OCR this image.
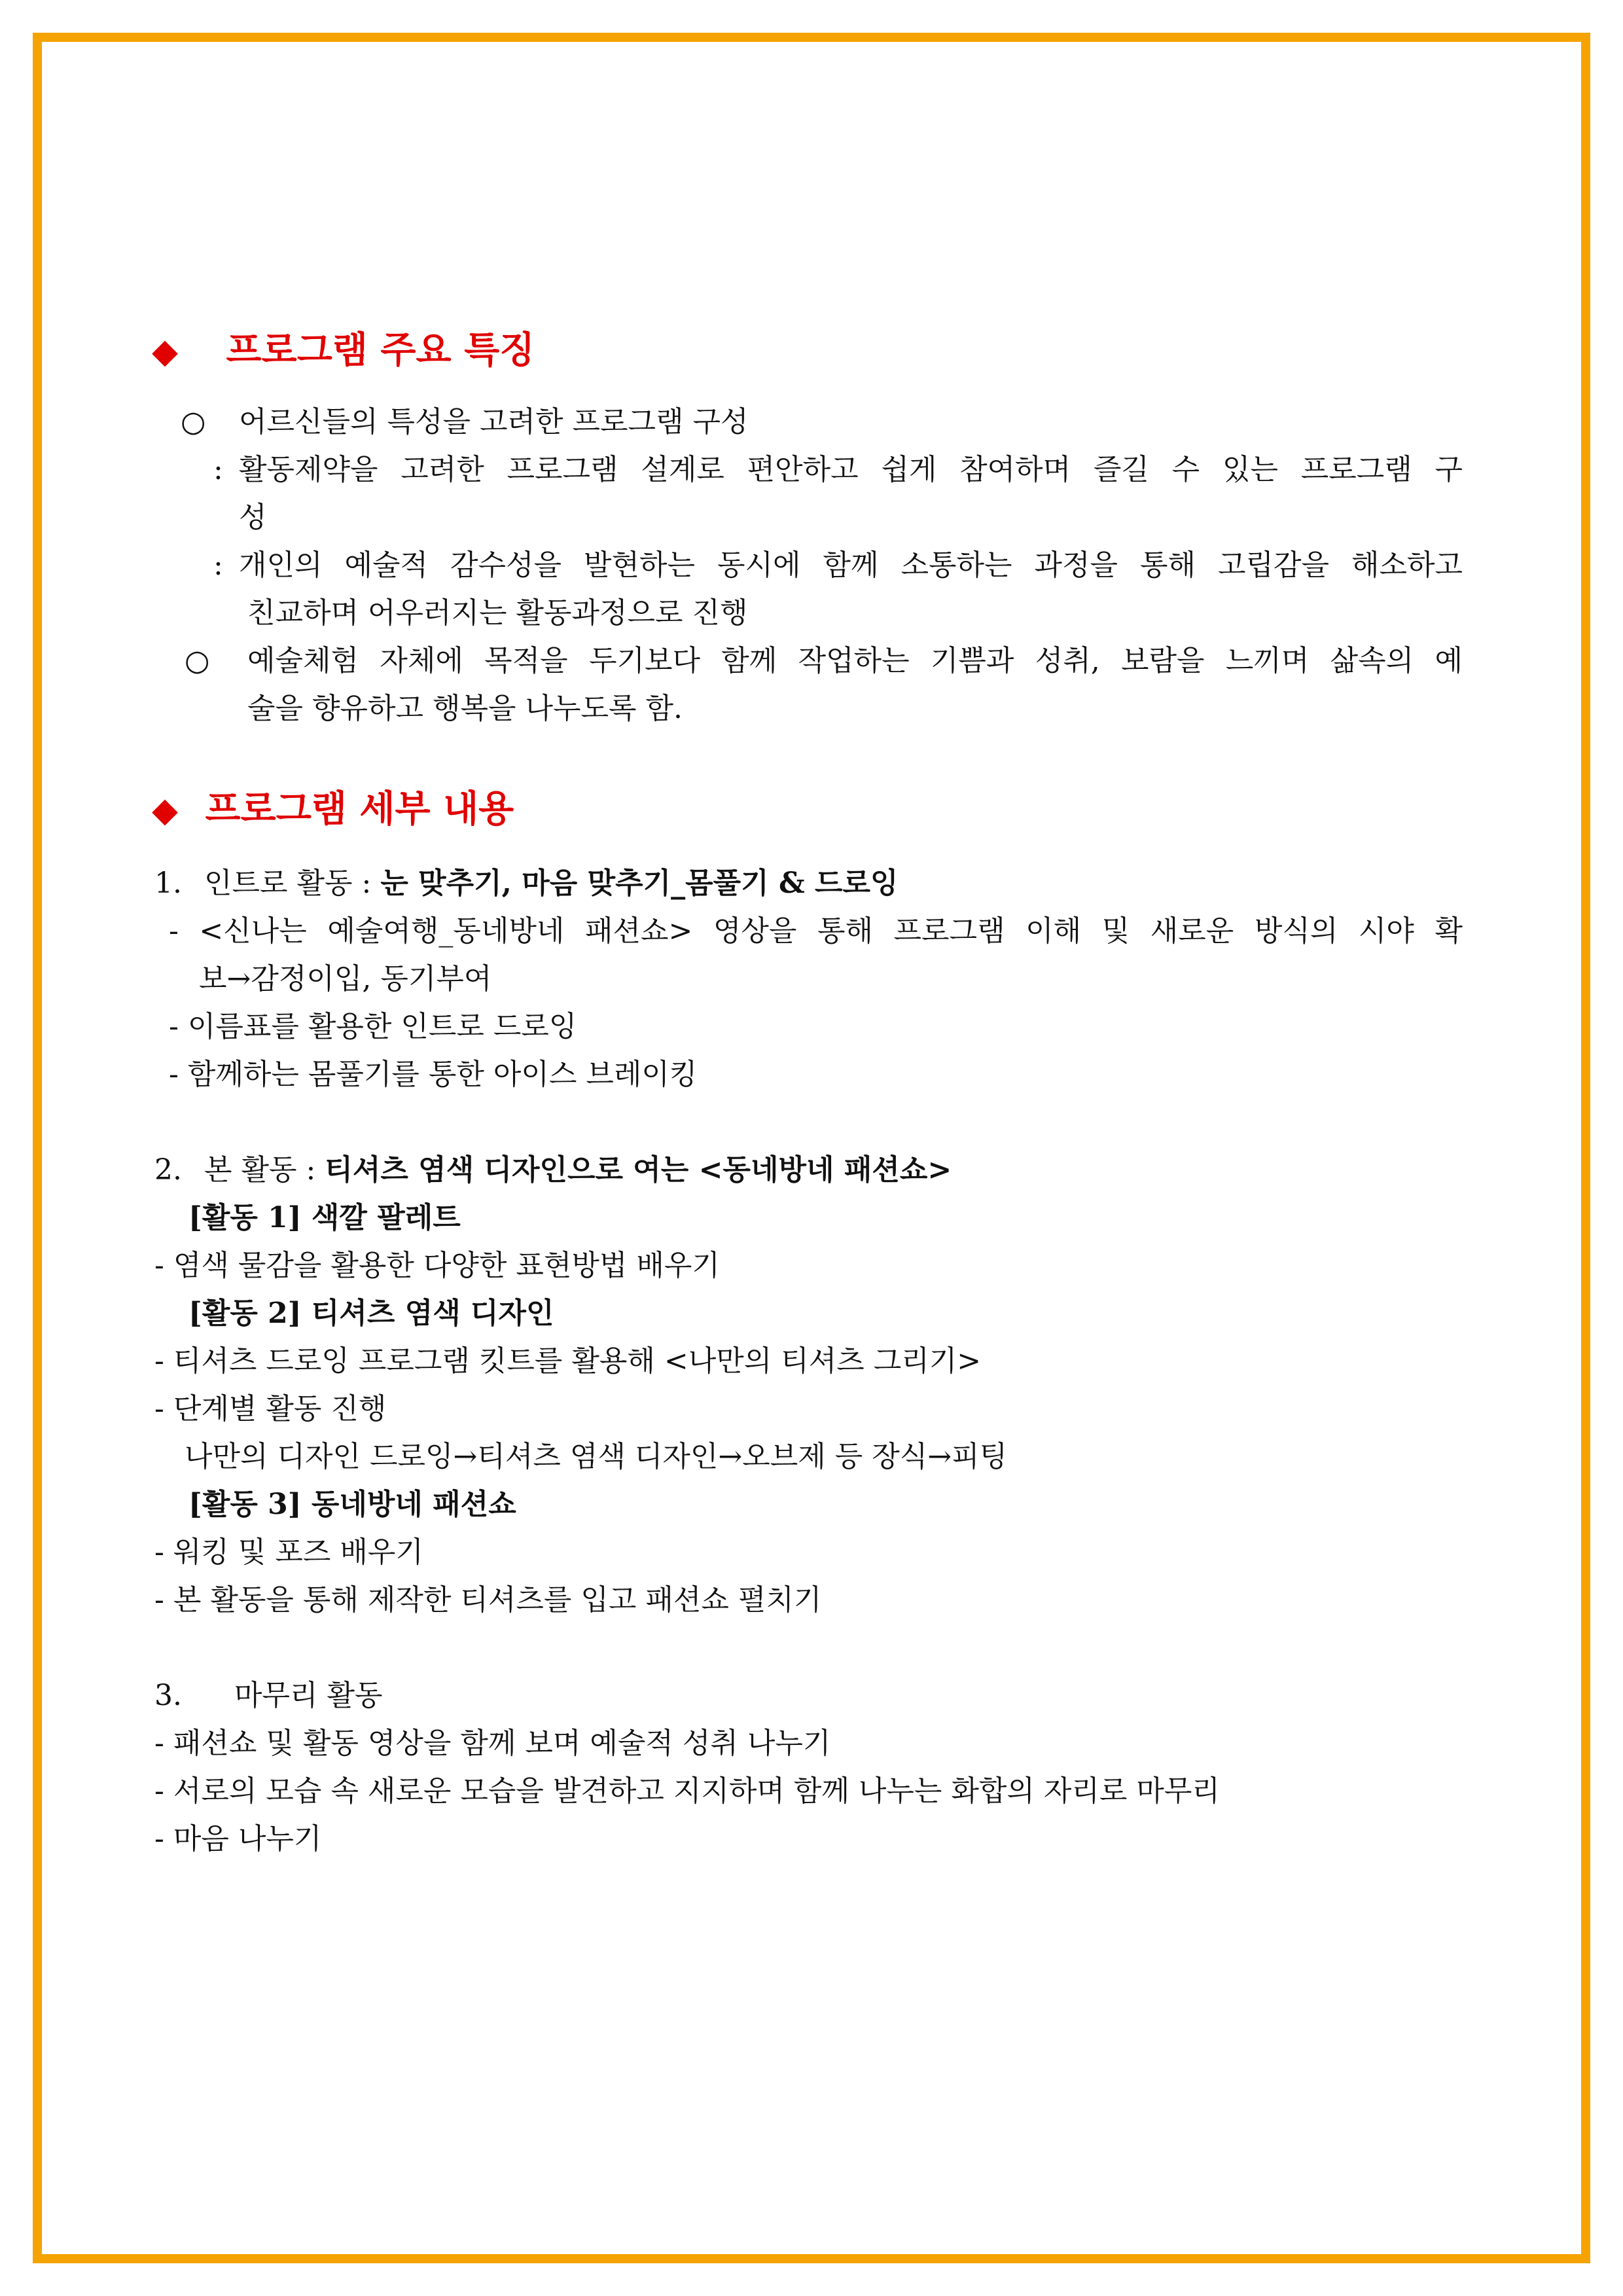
◆ 프로그램 주요 특징
○ 어르신들의 특성을 고려한 프로그램 구성
: 활동제약을 고려한 프로그램 설계로 편안하고 쉽게 참여하며 즐길 수 있는 프로그램 구
성
: 개인의 예술적 감수성을 발현하는 동시에 함께 소통하는 과정을 통해 고립감을 해소하고
친교하며 어우러지는 활동과정으로 진행
○ 예술체험 자체에 목적을 두기보다 함께 작업하는 기쁨과 성취, 보람을 느끼며 삶속의 예
술을 향유하고 행복을 나누도록 함.
◆ 프로그램 세부 내용
1. 인트로 활동 : 눈 맞추기, 마음 맞추기_몸풀기 & 드로잉
- <신나는 예술여행_동네방네 패션쇼> 영상을 통해 프로그램 이해 및 새로운 방식의 시야 확
보→감정이입, 동기부여
- 이름표를 활용한 인트로 드로잉
- 함께하는 몸풀기를 통한 아이스 브레이킹
2. 본 활동 : 티셔츠 염색 디자인으로 여는 <동네방네 패션쇼>
[활동 1] 색깔 팔레트
- 염색 물감을 활용한 다양한 표현방법 배우기
[활동 2] 티셔츠 염색 디자인
- 티셔츠 드로잉 프로그램 킷트를 활용해 <나만의 티셔츠 그리기>
- 단계별 활동 진행
나만의 디자인 드로잉→티셔츠 염색 디자인→오브제 등 장식→피팅
[활동 3] 동네방네 패션쇼
- 워킹 및 포즈 배우기
- 본 활동을 통해 제작한 티셔츠를 입고 패션쇼 펼치기
3. 마무리 활동
- 패션쇼 및 활동 영상을 함께 보며 예술적 성취 나누기
- 서로의 모습 속 새로운 모습을 발견하고 지지하며 함께 나누는 화합의 자리로 마무리
- 마음 나누기
